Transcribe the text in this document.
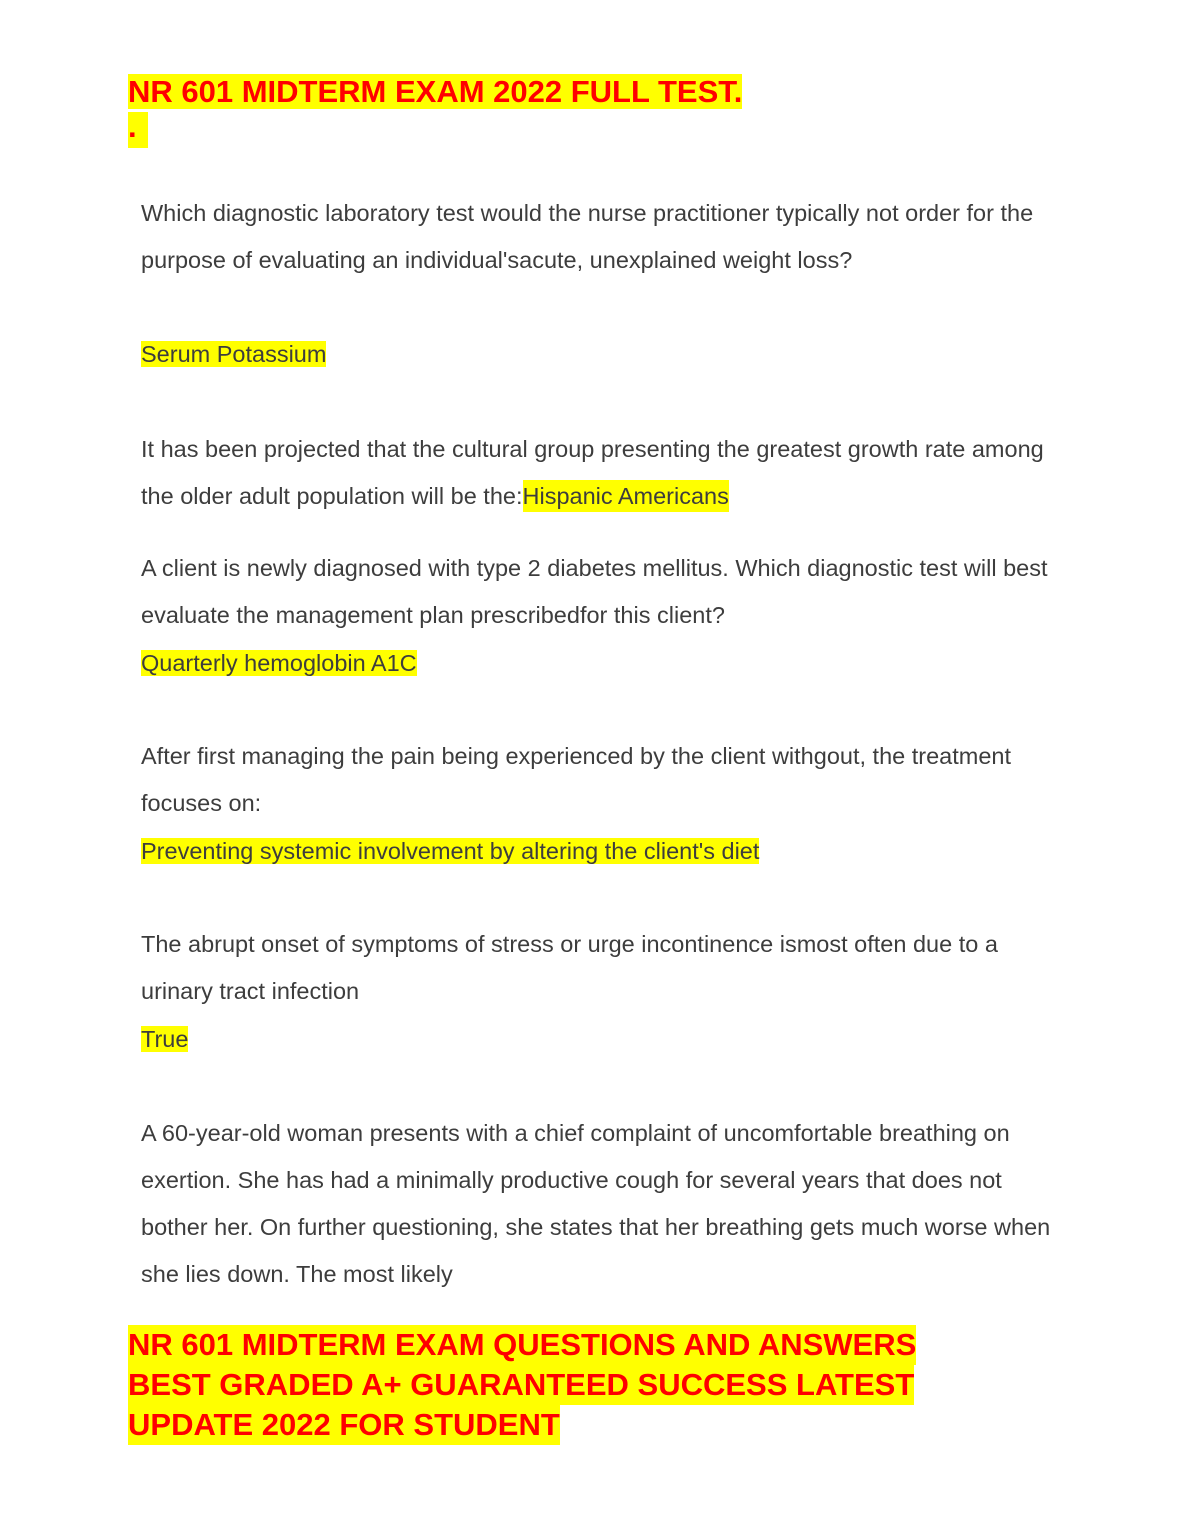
NR 601 MIDTERM EXAM 2022 FULL TEST.
.

Which diagnostic laboratory test would the nurse practitioner typically not order for the purpose of evaluating an individual'sacute, unexplained weight loss?

Serum Potassium

It has been projected that the cultural group presenting the greatest growth rate among the older adult population will be the:Hispanic Americans

A client is newly diagnosed with type 2 diabetes mellitus. Which diagnostic test will best evaluate the management plan prescribedfor this client?

Quarterly hemoglobin A1C

After first managing the pain being experienced by the client withgout, the treatment focuses on:

Preventing systemic involvement by altering the client's diet

The abrupt onset of symptoms of stress or urge incontinence ismost often due to a urinary tract infection

True

A 60-year-old woman presents with a chief complaint of uncomfortable breathing on exertion. She has had a minimally productive cough for several years that does not bother her. On further questioning, she states that her breathing gets much worse when she lies down. The most likely

NR 601 MIDTERM EXAM QUESTIONS AND ANSWERS
BEST GRADED A+ GUARANTEED SUCCESS LATEST
UPDATE 2022 FOR STUDENT
